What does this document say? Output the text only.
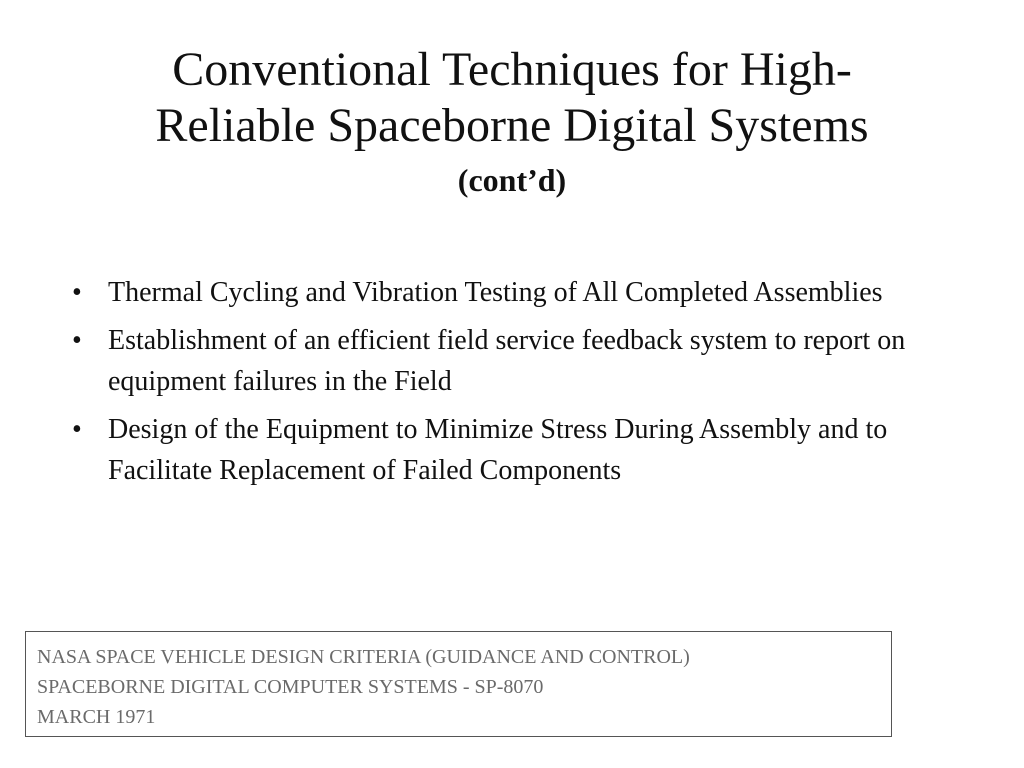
Conventional Techniques for High-
Reliable Spaceborne Digital Systems
(cont’d)
• Thermal Cycling and Vibration Testing of All Completed Assemblies
• Establishment of an efficient field service feedback system to report on equipment failures in the Field
• Design of the Equipment to Minimize Stress During Assembly and to Facilitate Replacement of Failed Components
NASA SPACE VEHICLE DESIGN CRITERIA (GUIDANCE AND CONTROL)
SPACEBORNE DIGITAL COMPUTER SYSTEMS - SP-8070
MARCH 1971
